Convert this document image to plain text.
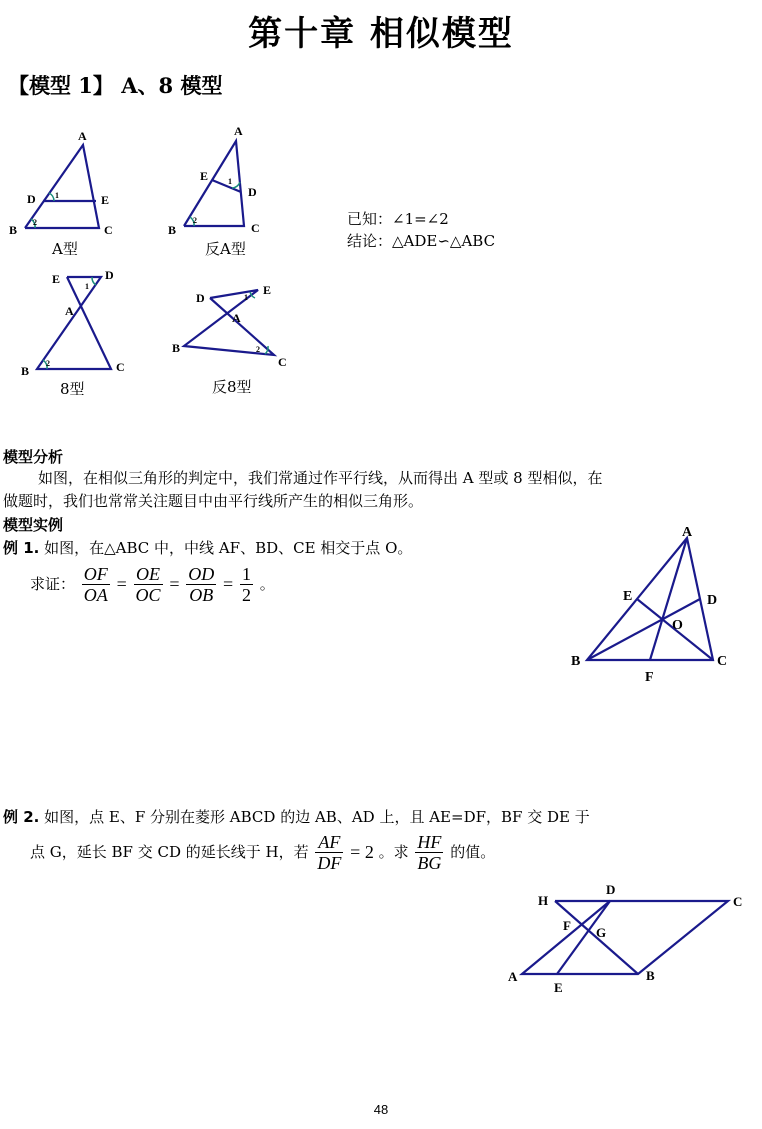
第十章 相似模型
【模型 1】 A、8 模型
A
D	E
B	C
1
2
A型
A
E
D
B	C
1
2
反A型
已知：∠1=∠2
结论：△ADE∽△ABC
E	D
A
B	C
1
2
8型
D
E
A
B
C
1
2
反8型
模型分析
如图，在相似三角形的判定中，我们常通过作平行线，从而得出 A 型或 8 型相似，在
做题时，我们也常常关注题目中由平行线所产生的相似三角形。
模型实例
例 1. 如图，在△ABC 中，中线 AF、BD、CE 相交于点 O。
求证： $\frac{OF}{OA} = \frac{OE}{OC} = \frac{OD}{OB} = \frac{1}{2}$ 。
A
E	D
O
B
F
C
例 2. 如图，点 E、F 分别在菱形 ABCD 的边 AB、AD 上，且 AE=DF，BF 交 DE 于
点 G，延长 BF 交 CD 的延长线于 H，若 $\frac{AF}{DF} = 2$ 。求 $\frac{HF}{BG}$ 的值。
H
D
C
F G
A
E
B
48
